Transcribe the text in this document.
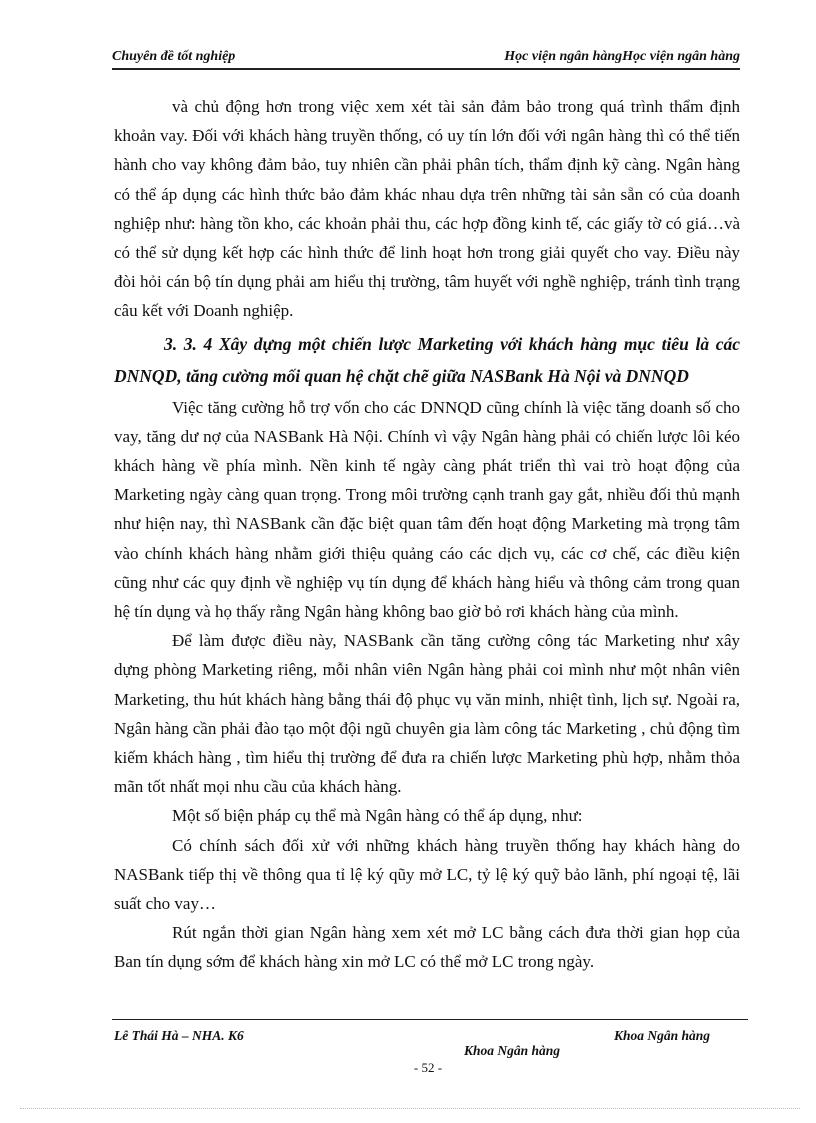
Chuyên đề tốt nghiệp	Học viện ngân hàngHọc viện ngân hàng

và chủ động hơn trong việc xem xét tài sản đảm bảo trong quá trình thẩm định khoản vay. Đối với khách hàng truyền thống, có uy tín lớn đối với ngân hàng thì có thể tiến hành cho vay không đảm bảo, tuy nhiên cần phải phân tích, thẩm định kỹ càng. Ngân hàng có thể áp dụng các hình thức bảo đảm khác nhau dựa trên những tài sản sẵn có của doanh nghiệp như: hàng tồn kho, các khoản phải thu, các hợp đồng kinh tế, các giấy tờ có giá…và có thể sử dụng kết hợp các hình thức để linh hoạt hơn trong giải quyết cho vay. Điều này đòi hỏi cán bộ tín dụng phải am hiểu thị trường, tâm huyết với nghề nghiệp, tránh tình trạng câu kết với Doanh nghiệp.

3. 3. 4 Xây dựng một chiến lược Marketing với khách hàng mục tiêu là các DNNQD, tăng cường mối quan hệ chặt chẽ giữa NASBank Hà Nội và DNNQD

Việc tăng cường hỗ trợ vốn cho các DNNQD cũng chính là việc tăng doanh số cho vay, tăng dư nợ của NASBank Hà Nội. Chính vì vậy Ngân hàng phải có chiến lược lôi kéo khách hàng về phía mình. Nền kinh tế ngày càng phát triển thì vai trò hoạt động của Marketing ngày càng quan trọng. Trong môi trường cạnh tranh gay gắt, nhiều đối thủ mạnh như hiện nay, thì NASBank cần đặc biệt quan tâm đến hoạt động Marketing mà trọng tâm vào chính khách hàng nhằm giới thiệu quảng cáo các dịch vụ, các cơ chế, các điều kiện cũng như các quy định về nghiệp vụ tín dụng để khách hàng hiểu và thông cảm trong quan hệ tín dụng và họ thấy rằng Ngân hàng không bao giờ bỏ rơi khách hàng của mình.

Để làm được điều này, NASBank cần tăng cường công tác Marketing như xây dựng phòng Marketing riêng, mỗi nhân viên Ngân hàng phải coi mình như một nhân viên Marketing, thu hút khách hàng bằng thái độ phục vụ văn minh, nhiệt tình, lịch sự. Ngoài ra, Ngân hàng cần phải đào tạo một đội ngũ chuyên gia làm công tác Marketing , chủ động tìm kiếm khách hàng , tìm hiểu thị trường để đưa ra chiến lược Marketing phù hợp, nhằm thỏa mãn tốt nhất mọi nhu cầu của khách hàng.

Một số biện pháp cụ thể mà Ngân hàng có thể áp dụng, như:

Có chính sách đối xử với những khách hàng truyền thống hay khách hàng do NASBank tiếp thị về thông qua tỉ lệ ký qũy mở LC, tỷ lệ ký quỹ bảo lãnh, phí ngoại tệ, lãi suất cho vay…

Rút ngắn thời gian Ngân hàng xem xét mở LC bằng cách đưa thời gian họp của Ban tín dụng sớm để khách hàng xin mở LC có thể mở LC trong ngày.

Lê Thái Hà – NHA. K6	Khoa Ngân hàng
Khoa Ngân hàng
- 52 -
